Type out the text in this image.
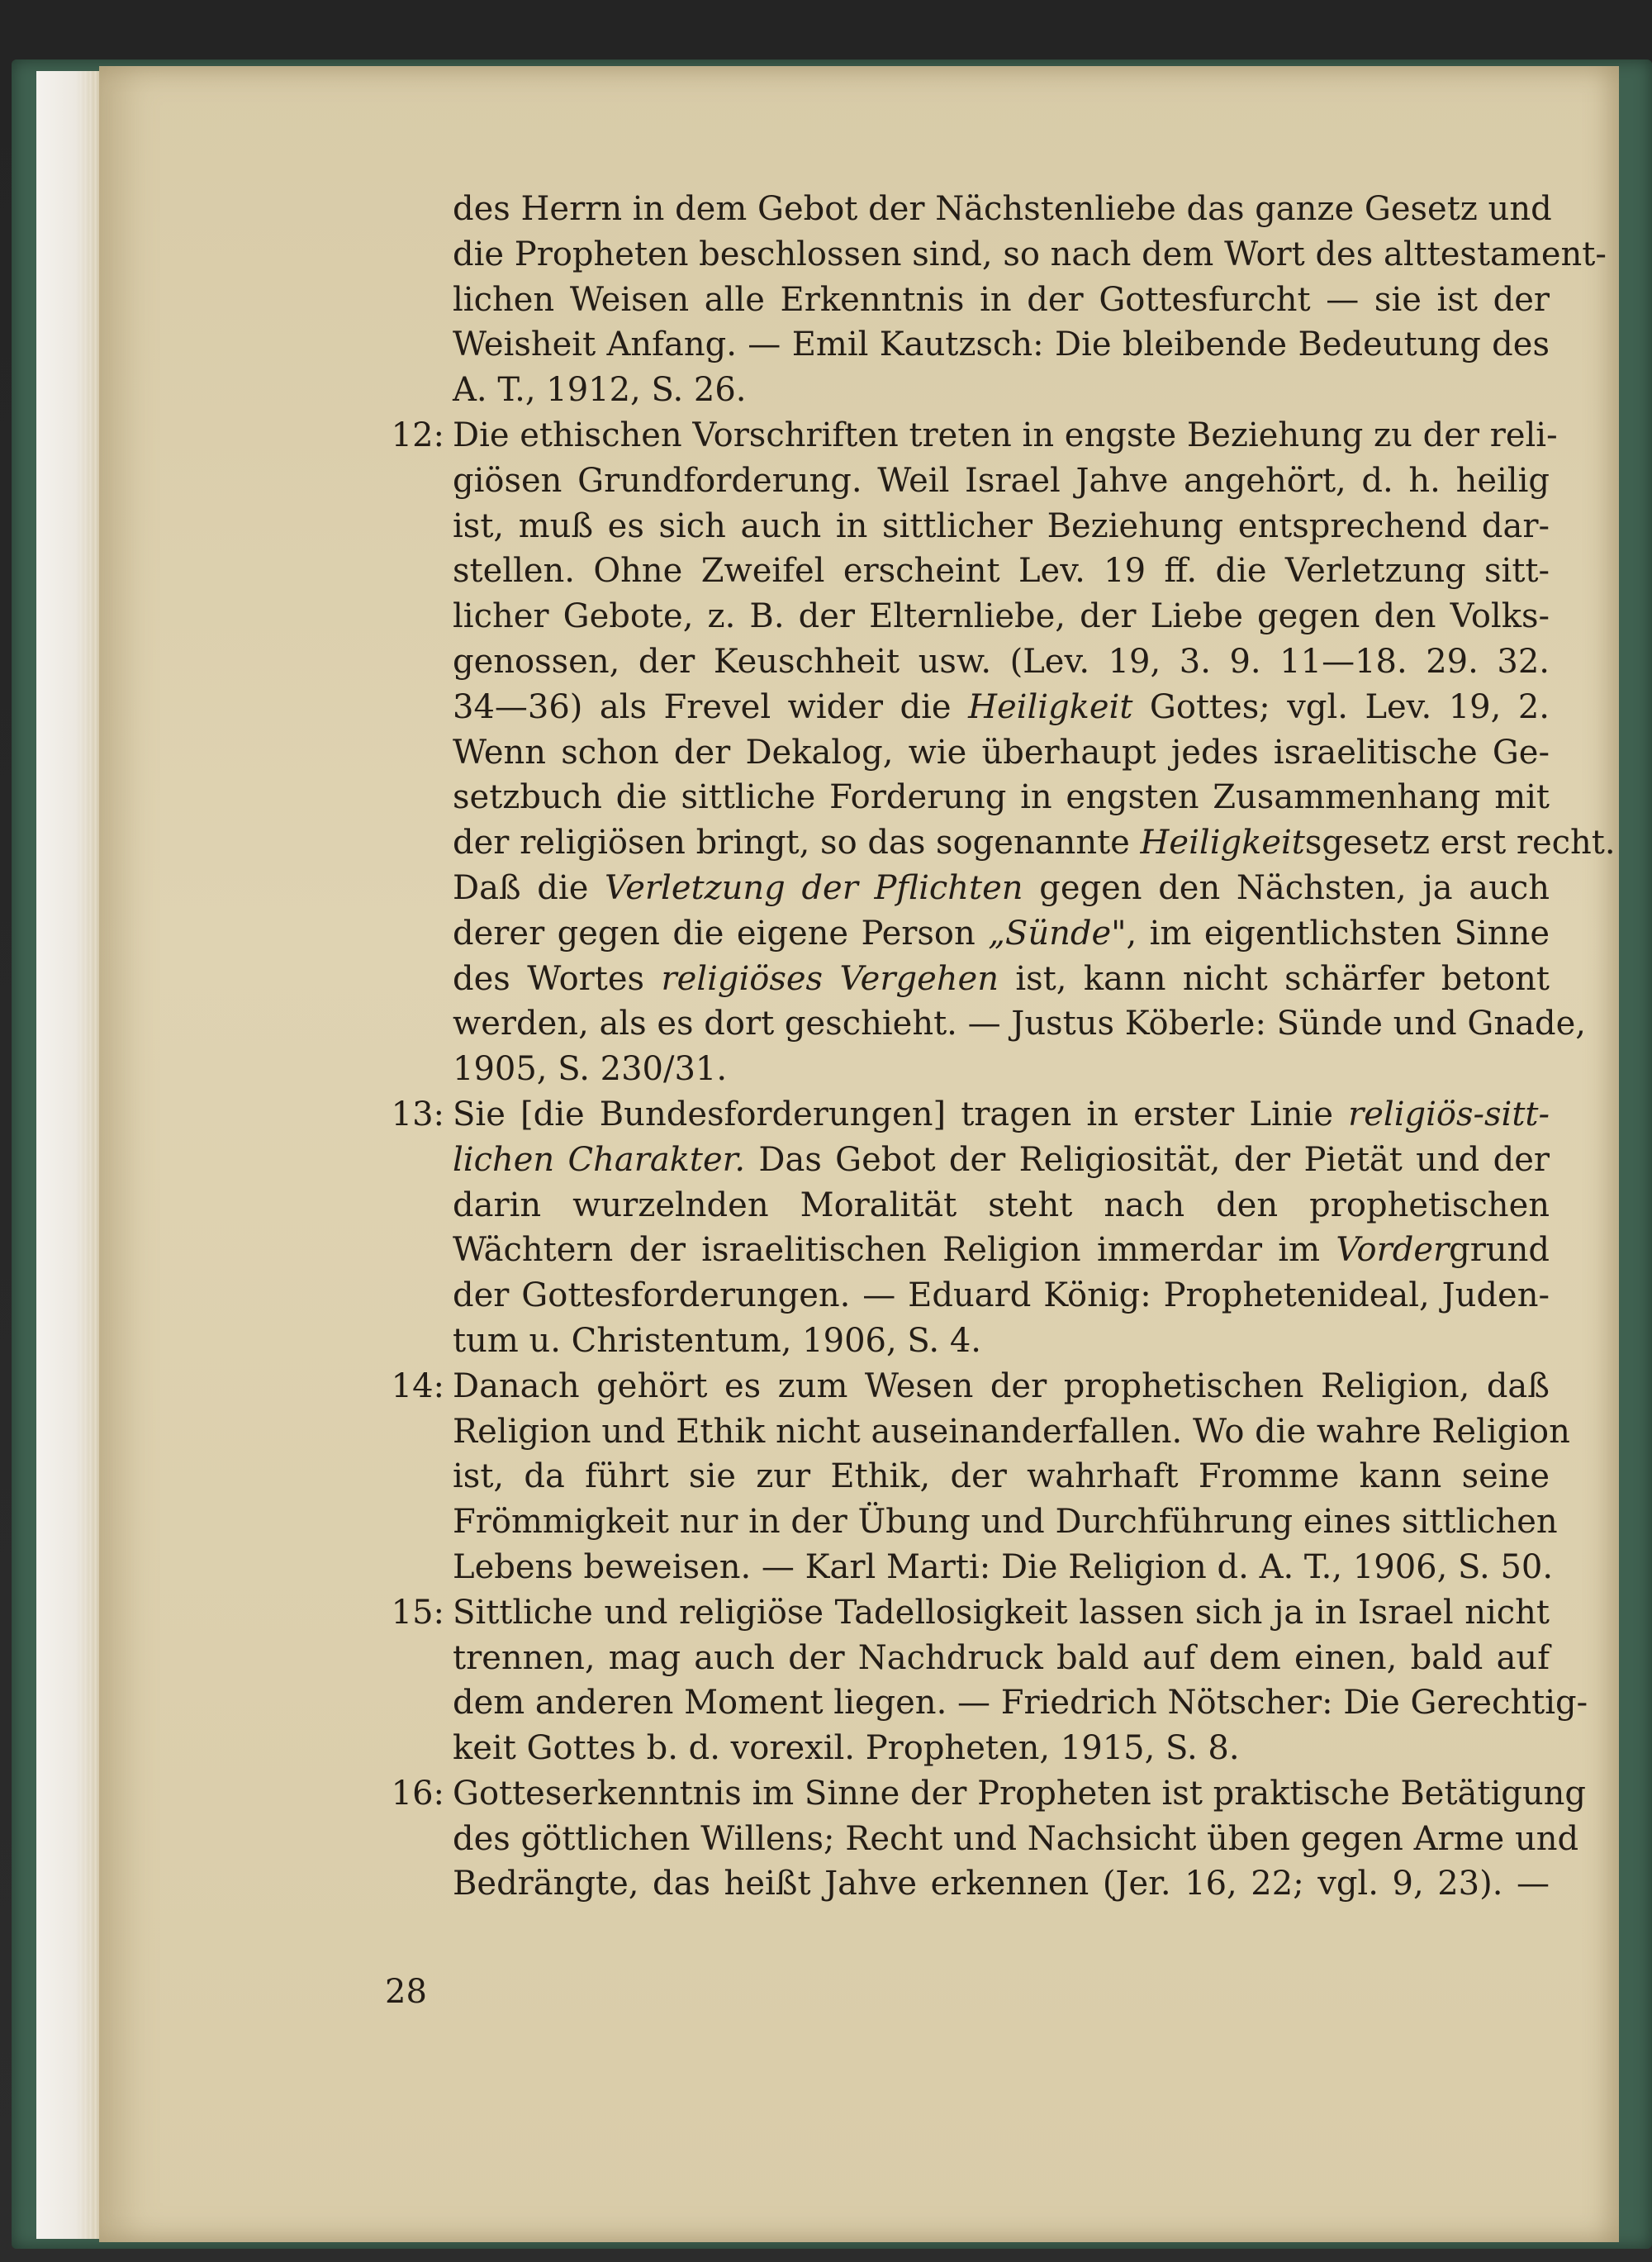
des Herrn in dem Gebot der Nächstenliebe das ganze Gesetz und
die Propheten beschlossen sind, so nach dem Wort des alttestament-
lichen Weisen alle Erkenntnis in der Gottesfurcht — sie ist der
Weisheit Anfang. — Emil Kautzsch: Die bleibende Bedeutung des
A. T., 1912, S. 26.
12: Die ethischen Vorschriften treten in engste Beziehung zu der reli-
giösen Grundforderung. Weil Israel Jahve angehört, d. h. heilig
ist, muß es sich auch in sittlicher Beziehung entsprechend dar-
stellen. Ohne Zweifel erscheint Lev. 19 ff. die Verletzung sitt-
licher Gebote, z. B. der Elternliebe, der Liebe gegen den Volks-
genossen, der Keuschheit usw. (Lev. 19, 3. 9. 11—18. 29. 32.
34—36) als Frevel wider die Heiligkeit Gottes; vgl. Lev. 19, 2.
Wenn schon der Dekalog, wie überhaupt jedes israelitische Ge-
setzbuch die sittliche Forderung in engsten Zusammenhang mit
der religiösen bringt, so das sogenannte Heiligkeitsgesetz erst recht.
Daß die Verletzung der Pflichten gegen den Nächsten, ja auch
derer gegen die eigene Person „Sünde", im eigentlichsten Sinne
des Wortes religiöses Vergehen ist, kann nicht schärfer betont
werden, als es dort geschieht. — Justus Köberle: Sünde und Gnade,
1905, S. 230/31.
13: Sie [die Bundesforderungen] tragen in erster Linie religiös-sitt-
lichen Charakter. Das Gebot der Religiosität, der Pietät und der
darin wurzelnden Moralität steht nach den prophetischen
Wächtern der israelitischen Religion immerdar im Vordergrund
der Gottesforderungen. — Eduard König: Prophetenideal, Juden-
tum u. Christentum, 1906, S. 4.
14: Danach gehört es zum Wesen der prophetischen Religion, daß
Religion und Ethik nicht auseinanderfallen. Wo die wahre Religion
ist, da führt sie zur Ethik, der wahrhaft Fromme kann seine
Frömmigkeit nur in der Übung und Durchführung eines sittlichen
Lebens beweisen. — Karl Marti: Die Religion d. A. T., 1906, S. 50.
15: Sittliche und religiöse Tadellosigkeit lassen sich ja in Israel nicht
trennen, mag auch der Nachdruck bald auf dem einen, bald auf
dem anderen Moment liegen. — Friedrich Nötscher: Die Gerechtig-
keit Gottes b. d. vorexil. Propheten, 1915, S. 8.
16: Gotteserkenntnis im Sinne der Propheten ist praktische Betätigung
des göttlichen Willens; Recht und Nachsicht üben gegen Arme und
Bedrängte, das heißt Jahve erkennen (Jer. 16, 22; vgl. 9, 23). —
28
